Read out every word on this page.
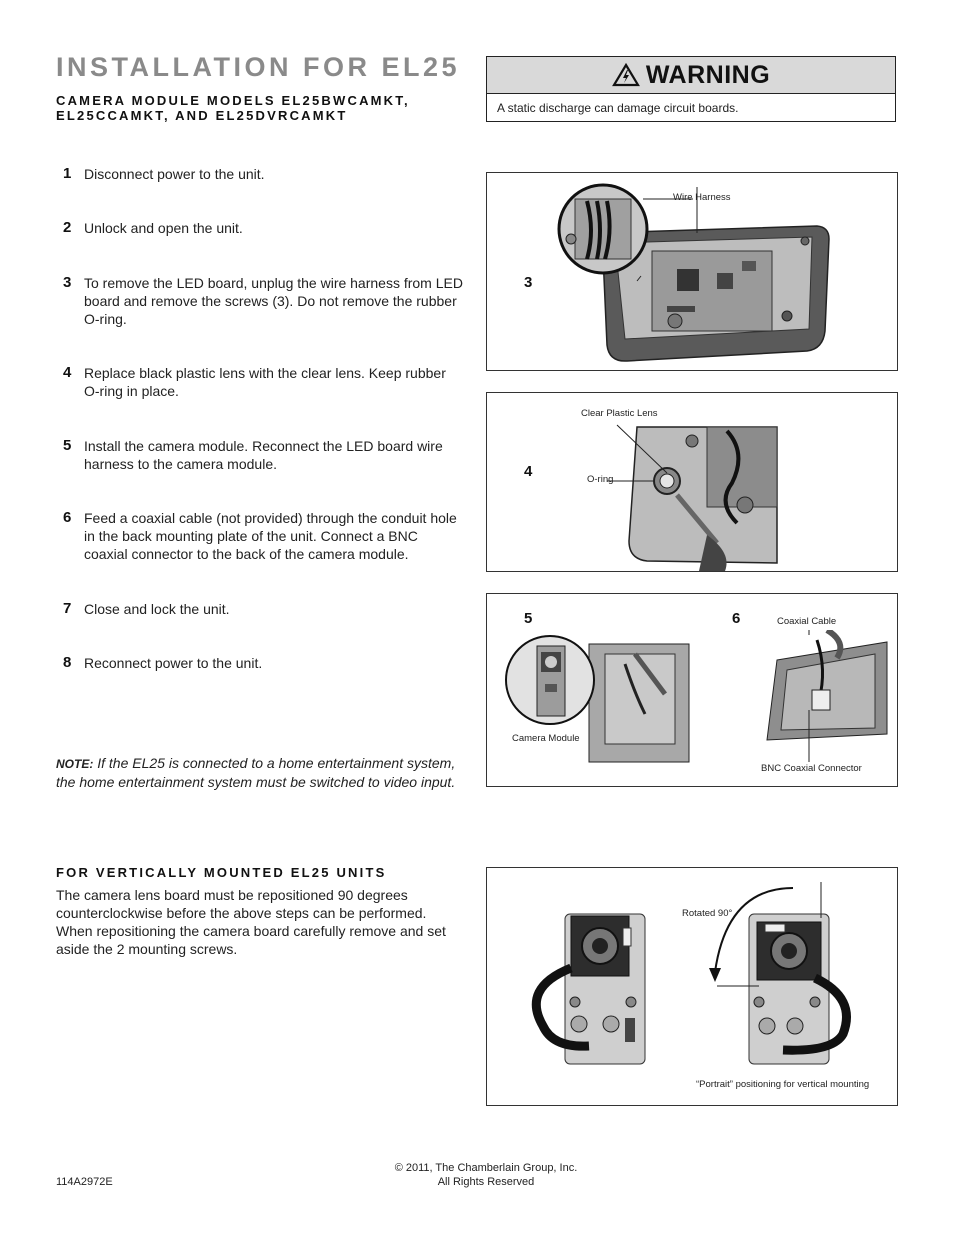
INSTALLATION FOR EL25
CAMERA MODULE MODELS EL25BWCAMKT, EL25CCAMKT, AND EL25DVRCAMKT
WARNING
A static discharge can damage circuit boards.
1 Disconnect power to the unit.
2 Unlock and open the unit.
3 To remove the LED board, unplug the wire harness from LED board and remove the screws (3). Do not remove the rubber O-ring.
4 Replace black plastic lens with the clear lens. Keep rubber O-ring in place.
5 Install the camera module. Reconnect the LED board wire harness to the camera module.
6 Feed a coaxial cable (not provided) through the conduit hole in the back mounting plate of the unit. Connect a BNC coaxial connector to the back of the camera module.
7 Close and lock the unit.
8 Reconnect power to the unit.
NOTE: If the EL25 is connected to a home entertainment system, the home entertainment system must be switched to video input.
FOR VERTICALLY MOUNTED EL25 UNITS
The camera lens board must be repositioned 90 degrees counterclockwise before the above steps can be performed. When repositioning the camera board carefully remove and set aside the 2 mounting screws.
3
Wire Harness
4
Clear Plastic Lens
O-ring
5	6	Coaxial Cable
Camera Module
BNC Coaxial Connector
Rotated 90°
“Portrait” positioning for vertical mounting
114A2972E
© 2011, The Chamberlain Group, Inc.
All Rights Reserved
